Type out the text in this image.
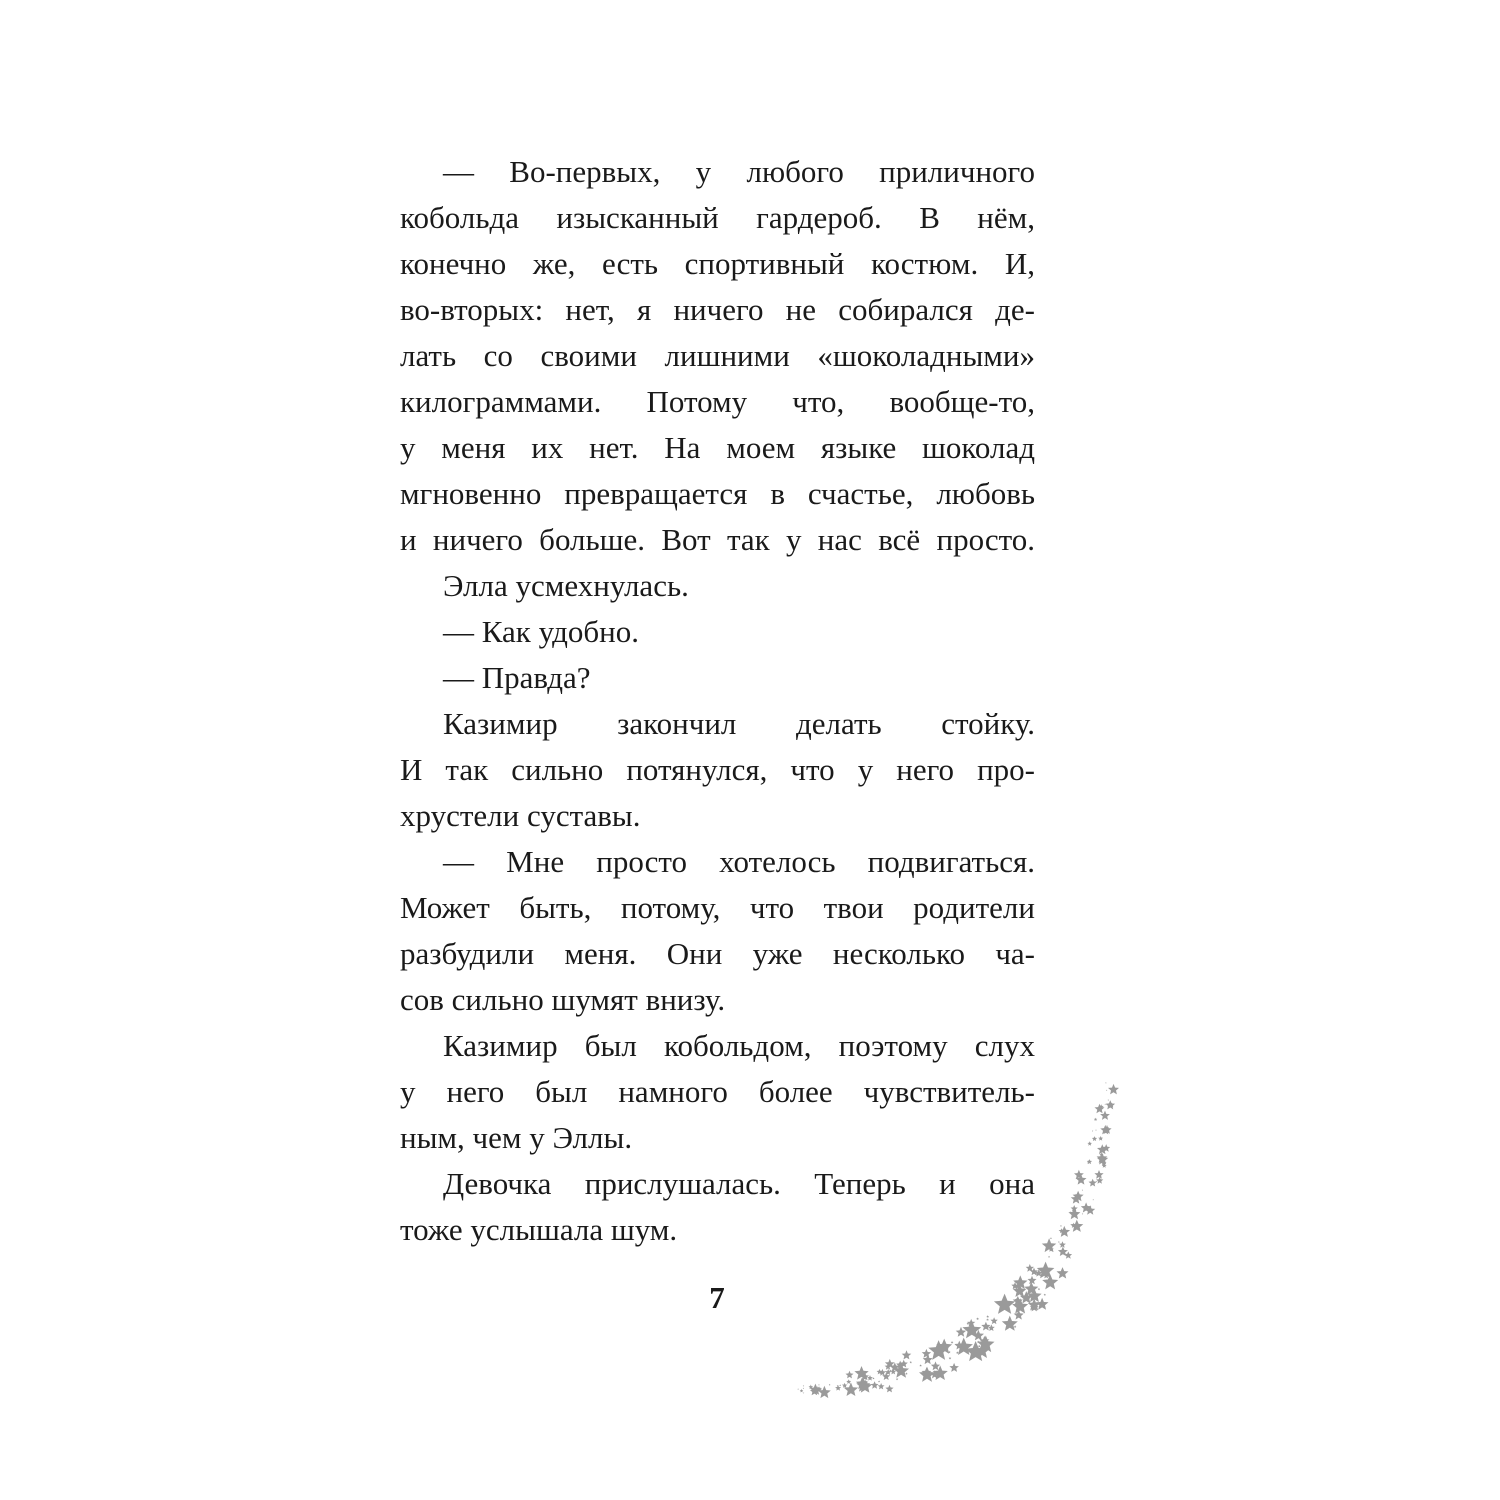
— Во-первых, у любого приличного
кобольда изысканный гардероб. В нём,
конечно же, есть спортивный костюм. И,
во-вторых: нет, я ничего не собирался де-
лать со своими лишними «шоколадными»
килограммами. Потому что, вообще-то,
у меня их нет. На моем языке шоколад
мгновенно превращается в счастье, любовь
и ничего больше. Вот так у нас всё просто.
Элла усмехнулась.
— Как удобно.
— Правда?
Казимир закончил делать стойку.
И так сильно потянулся, что у него про-
хрустели суставы.
— Мне просто хотелось подвигаться.
Может быть, потому, что твои родители
разбудили меня. Они уже несколько ча-
сов сильно шумят внизу.
Казимир был кобольдом, поэтому слух
у него был намного более чувствитель-
ным, чем у Эллы.
Девочка прислушалась. Теперь и она
тоже услышала шум.
7
